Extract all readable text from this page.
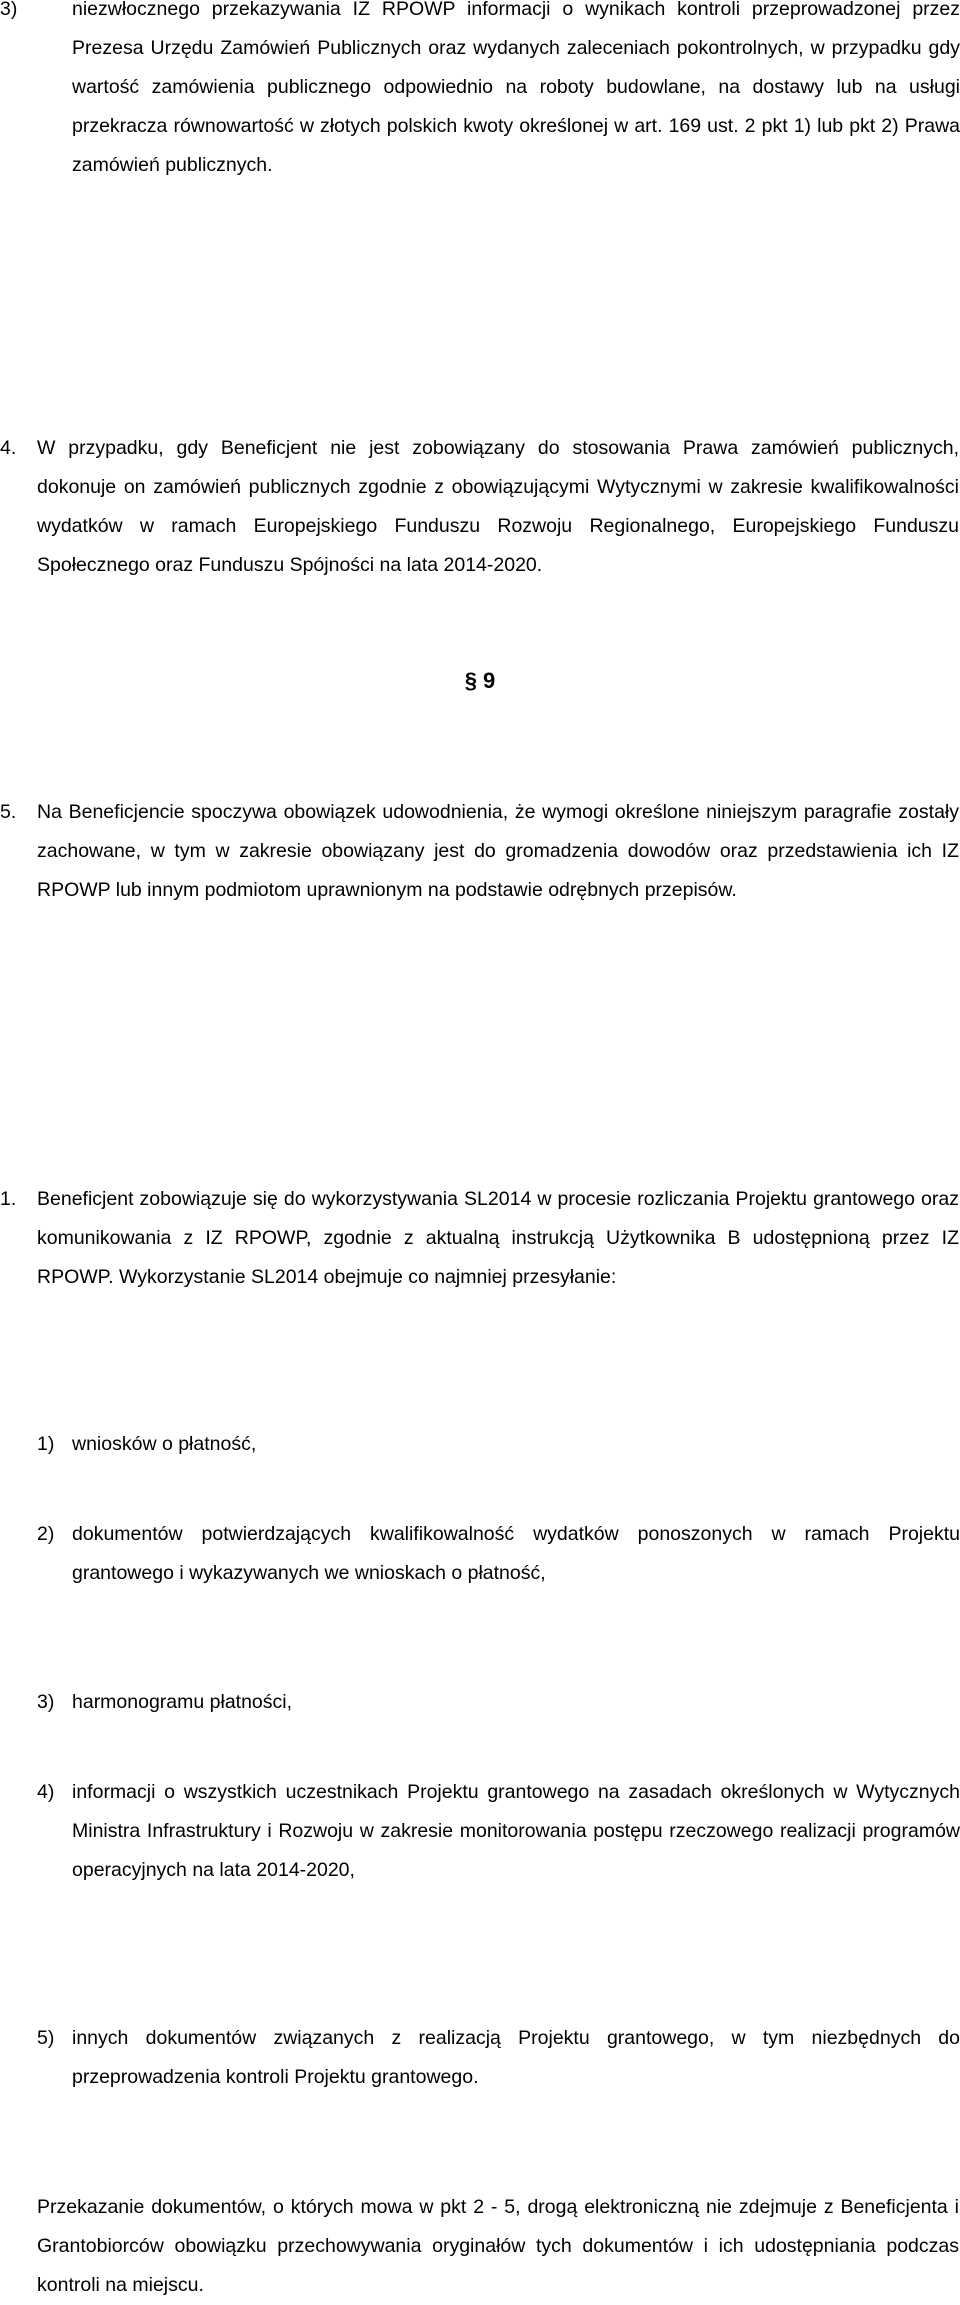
3)	niezwłocznego przekazywania IZ RPOWP informacji o wynikach kontroli przeprowadzonej przez Prezesa Urzędu Zamówień Publicznych oraz wydanych zaleceniach pokontrolnych, w przypadku gdy wartość zamówienia publicznego odpowiednio na roboty budowlane, na dostawy lub na usługi przekracza równowartość w złotych polskich kwoty określonej w art. 169 ust. 2 pkt 1) lub pkt 2) Prawa zamówień publicznych.

4. W przypadku, gdy Beneficjent nie jest zobowiązany do stosowania Prawa zamówień publicznych, dokonuje on zamówień publicznych zgodnie z obowiązującymi Wytycznymi w zakresie kwalifikowalności wydatków w ramach Europejskiego Funduszu Rozwoju Regionalnego, Europejskiego Funduszu Społecznego oraz Funduszu Spójności na lata 2014-2020.

5. Na Beneficjencie spoczywa obowiązek udowodnienia, że wymogi określone niniejszym paragrafie zostały zachowane, w tym w zakresie obowiązany jest do gromadzenia dowodów oraz przedstawienia ich IZ RPOWP lub innym podmiotom uprawnionym na podstawie odrębnych przepisów.

§ 9
1. Beneficjent zobowiązuje się do wykorzystywania SL2014 w procesie rozliczania Projektu grantowego oraz komunikowania z IZ RPOWP, zgodnie z aktualną instrukcją Użytkownika B udostępnioną przez IZ RPOWP. Wykorzystanie SL2014 obejmuje co najmniej przesyłanie:

1) wniosków o płatność,

2) dokumentów potwierdzających kwalifikowalność wydatków ponoszonych w ramach Projektu grantowego i wykazywanych we wnioskach o płatność,

3) harmonogramu płatności,

4) informacji o wszystkich uczestnikach Projektu grantowego na zasadach określonych w Wytycznych Ministra Infrastruktury i Rozwoju w zakresie monitorowania postępu rzeczowego realizacji programów operacyjnych na lata 2014-2020,

5) innych dokumentów związanych z realizacją Projektu grantowego, w tym niezbędnych do przeprowadzenia kontroli Projektu grantowego.

Przekazanie dokumentów, o których mowa w pkt 2 - 5, drogą elektroniczną nie zdejmuje z Beneficjenta i Grantobiorców obowiązku przechowywania oryginałów tych dokumentów i ich udostępniania podczas kontroli na miejscu.
